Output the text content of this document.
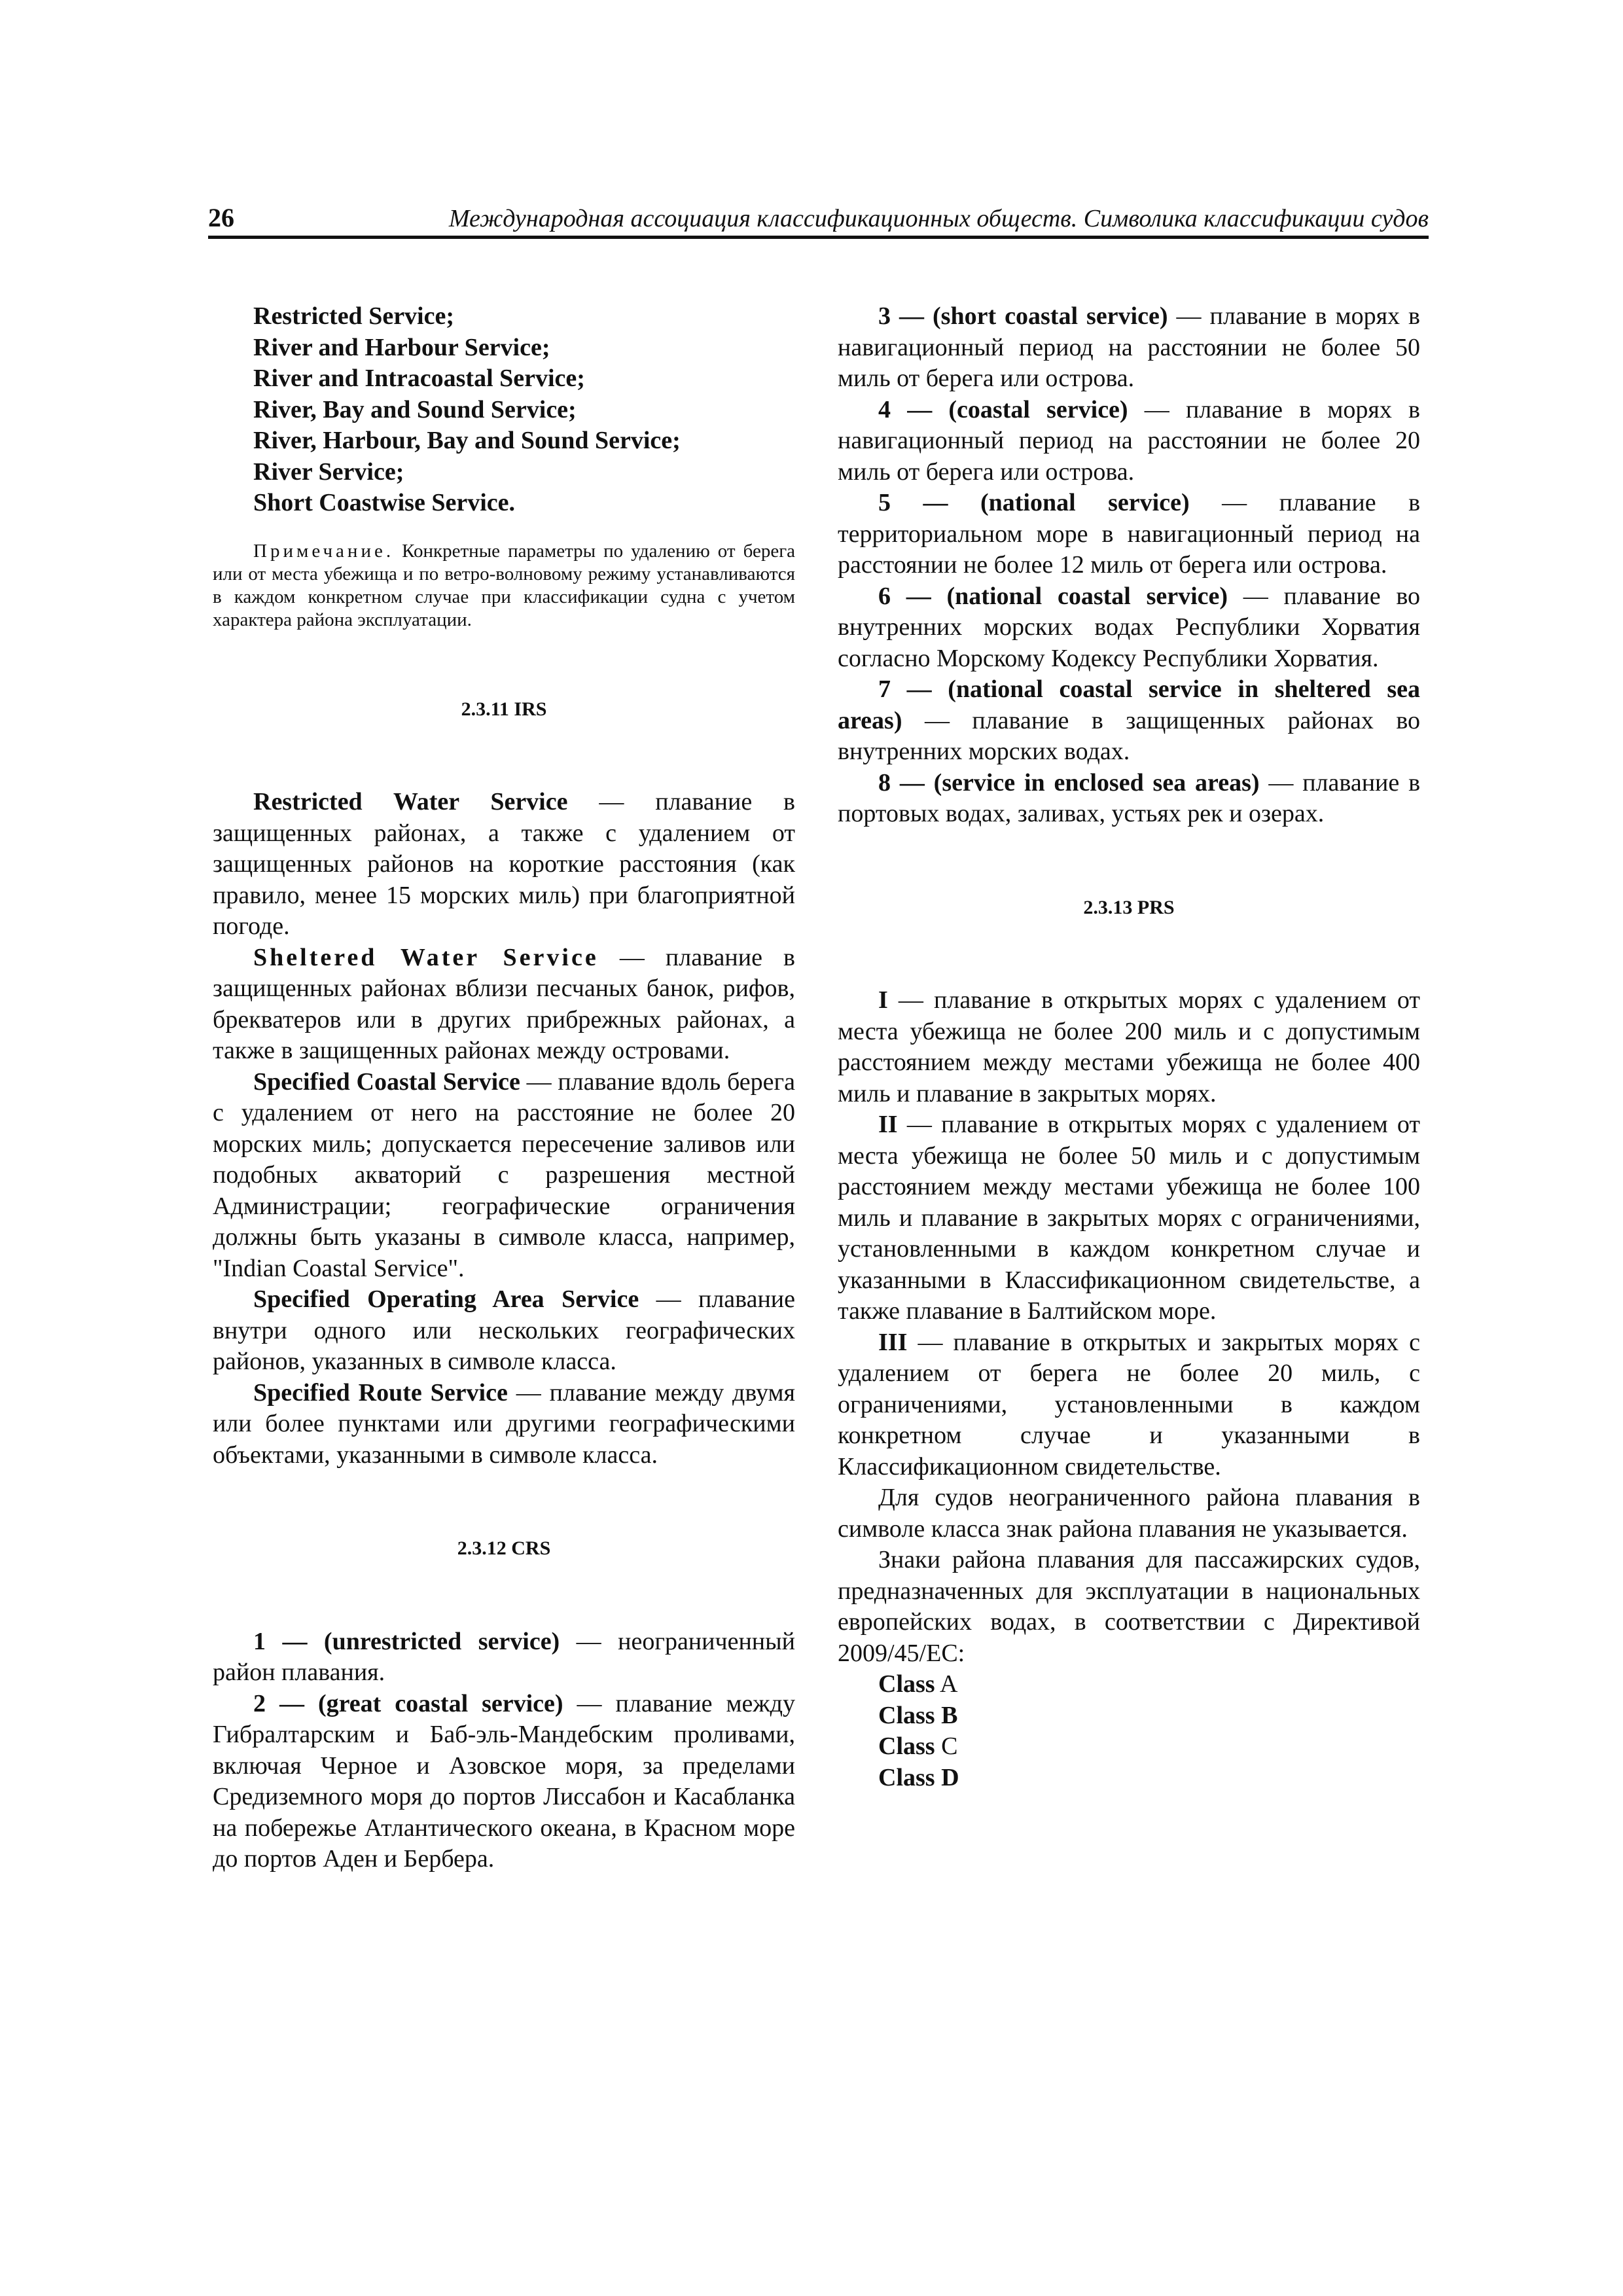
26	Международная ассоциация классификационных обществ. Символика классификации судов
Restricted Service;
River and Harbour Service;
River and Intracoastal Service;
River, Bay and Sound Service;
River, Harbour, Bay and Sound Service;
River Service;
Short Coastwise Service.

Примечание. Конкретные параметры по удалению от берега или от места убежища и по ветро-волновому режиму устанавливаются в каждом конкретном случае при классификации судна с учетом характера района эксплуатации.

2.3.11 IRS

Restricted Water Service — плавание в защищенных районах, а также с удалением от защищенных районов на короткие расстояния (как правило, менее 15 морских миль) при благоприятной погоде.

Sheltered Water Service — плавание в защищенных районах вблизи песчаных банок, рифов, брекватеров или в других прибрежных районах, а также в защищенных районах между островами.

Specified Coastal Service — плавание вдоль берега с удалением от него на расстояние не более 20 морских миль; допускается пересечение заливов или подобных акваторий с разрешения местной Администрации; географические ограничения должны быть указаны в символе класса, например, "Indian Coastal Service".

Specified Operating Area Service — плавание внутри одного или нескольких географических районов, указанных в символе класса.

Specified Route Service — плавание между двумя или более пунктами или другими географическими объектами, указанными в символе класса.

2.3.12 CRS

1 — (unrestricted service) — неограниченный район плавания.

2 — (great coastal service) — плавание между Гибралтарским и Баб-эль-Мандебским проливами, включая Черное и Азовское моря, за пределами Средиземного моря до портов Лиссабон и Касабланка на побережье Атлантического океана, в Красном море до портов Аден и Бербера.

3 — (short coastal service) — плавание в морях в навигационный период на расстоянии не более 50 миль от берега или острова.

4 — (coastal service) — плавание в морях в навигационный период на расстоянии не более 20 миль от берега или острова.

5 — (national service) — плавание в территориальном море в навигационный период на расстоянии не более 12 миль от берега или острова.

6 — (national coastal service) — плавание во внутренних морских водах Республики Хорватия согласно Морскому Кодексу Республики Хорватия.

7 — (national coastal service in sheltered sea areas) — плавание в защищенных районах во внутренних морских водах.

8 — (service in enclosed sea areas) — плавание в портовых водах, заливах, устьях рек и озерах.

2.3.13 PRS

I — плавание в открытых морях с удалением от места убежища не более 200 миль и с допустимым расстоянием между местами убежища не более 400 миль и плавание в закрытых морях.

II — плавание в открытых морях с удалением от места убежища не более 50 миль и с допустимым расстоянием между местами убежища не более 100 миль и плавание в закрытых морях с ограничениями, установленными в каждом конкретном случае и указанными в Классификационном свидетельстве, а также плавание в Балтийском море.

III — плавание в открытых и закрытых морях с удалением от берега не более 20 миль, с ограничениями, установленными в каждом конкретном случае и указанными в Классификационном свидетельстве.

Для судов неограниченного района плавания в символе класса знак района плавания не указывается.

Знаки района плавания для пассажирских судов, предназначенных для эксплуатации в национальных европейских водах, в соответствии с Директивой 2009/45/EC:

Class A
Class B
Class C
Class D
